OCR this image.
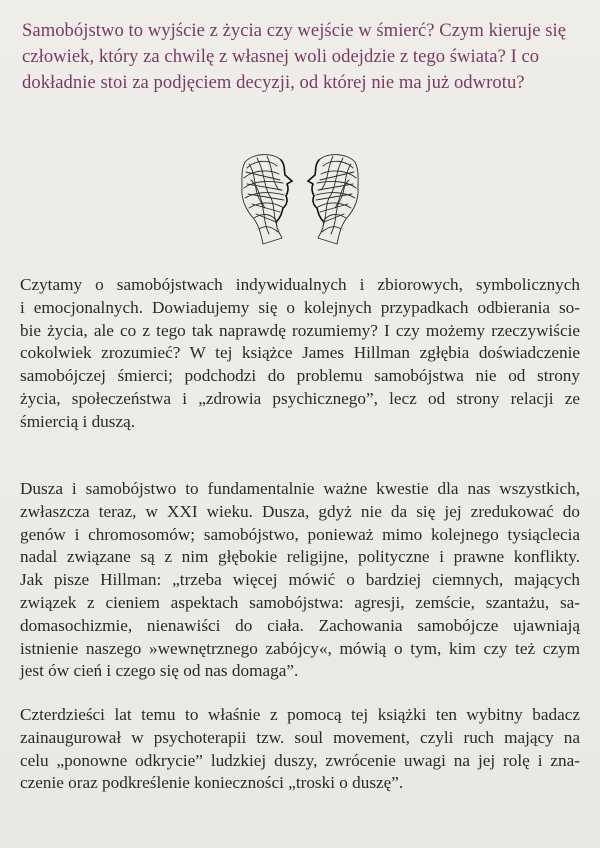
Samobójstwo to wyjście z życia czy wejście w śmierć? Czym kieruje się
człowiek, który za chwilę z własnej woli odejdzie z tego świata? I co
dokładnie stoi za podjęciem decyzji, od której nie ma już odwrotu?
Czytamy o samobójstwach indywidualnych i zbiorowych, symbolicznych
i emocjonalnych. Dowiadujemy się o kolejnych przypadkach odbierania so-
bie życia, ale co z tego tak naprawdę rozumiemy? I czy możemy rzeczywiście
cokolwiek zrozumieć? W tej książce James Hillman zgłębia doświadczenie
samobójczej śmierci; podchodzi do problemu samobójstwa nie od strony
życia, społeczeństwa i „zdrowia psychicznego”, lecz od strony relacji ze
śmiercią i duszą.
Dusza i samobójstwo to fundamentalnie ważne kwestie dla nas wszystkich,
zwłaszcza teraz, w XXI wieku. Dusza, gdyż nie da się jej zredukować do
genów i chromosomów; samobójstwo, ponieważ mimo kolejnego tysiąclecia
nadal związane są z nim głębokie religijne, polityczne i prawne konflikty.
Jak pisze Hillman: „trzeba więcej mówić o bardziej ciemnych, mających
związek z cieniem aspektach samobójstwa: agresji, zemście, szantażu, sa-
domasochizmie, nienawiści do ciała. Zachowania samobójcze ujawniają
istnienie naszego »wewnętrznego zabójcy«, mówią o tym, kim czy też czym
jest ów cień i czego się od nas domaga”.
Czterdzieści lat temu to właśnie z pomocą tej książki ten wybitny badacz
zainaugurował w psychoterapii tzw. soul movement, czyli ruch mający na
celu „ponowne odkrycie” ludzkiej duszy, zwrócenie uwagi na jej rolę i zna-
czenie oraz podkreślenie konieczności „troski o duszę”.
